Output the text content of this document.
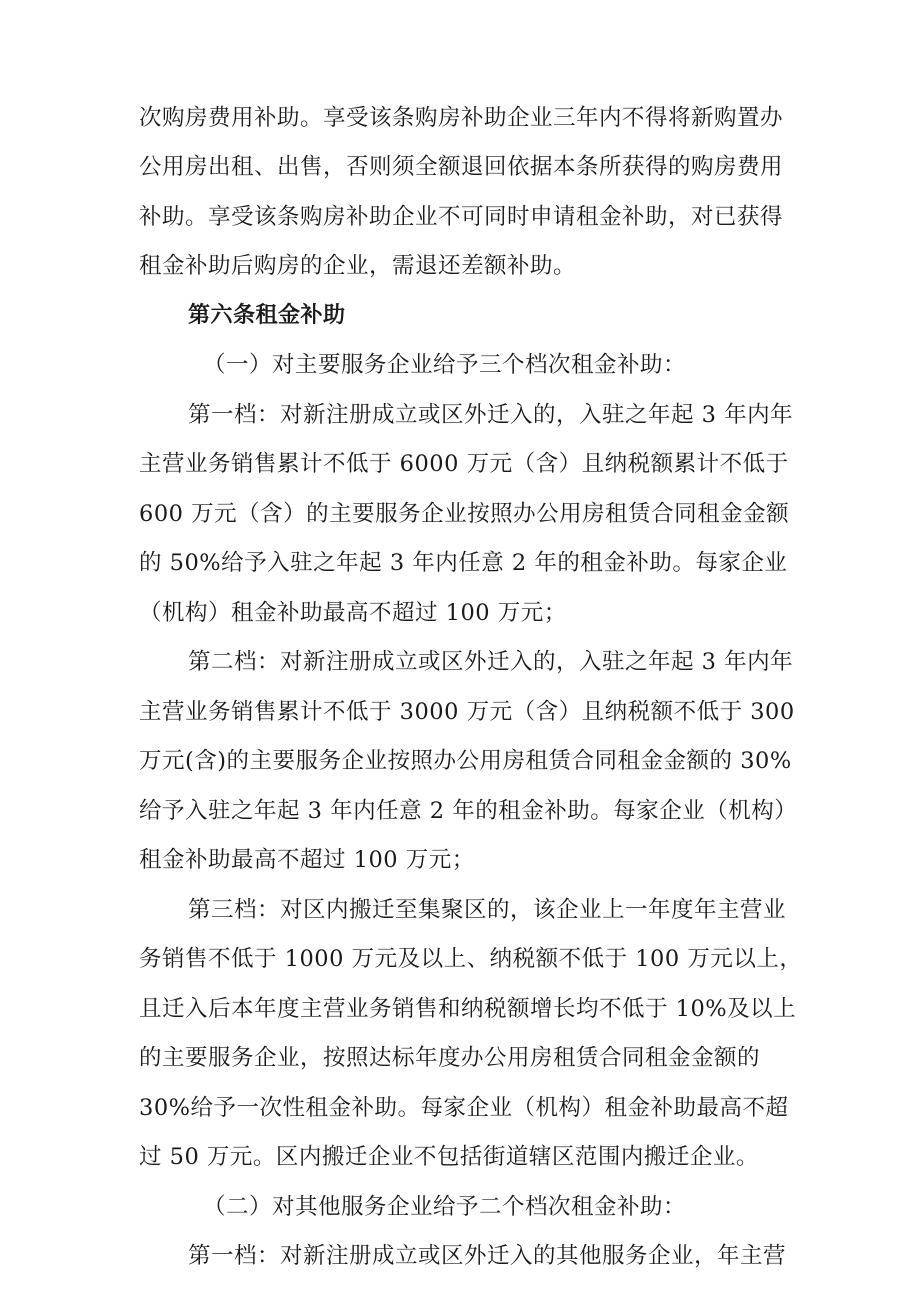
次购房费用补助。享受该条购房补助企业三年内不得将新购置办
公用房出租、出售，否则须全额退回依据本条所获得的购房费用
补助。享受该条购房补助企业不可同时申请租金补助，对已获得
租金补助后购房的企业，需退还差额补助。
第六条租金补助
（一）对主要服务企业给予三个档次租金补助：
第一档：对新注册成立或区外迁入的，入驻之年起 3 年内年
主营业务销售累计不低于 6000 万元（含）且纳税额累计不低于
600 万元（含）的主要服务企业按照办公用房租赁合同租金金额
的 50%给予入驻之年起 3 年内任意 2 年的租金补助。每家企业
（机构）租金补助最高不超过 100 万元；
第二档：对新注册成立或区外迁入的，入驻之年起 3 年内年
主营业务销售累计不低于 3000 万元（含）且纳税额不低于 300
万元(含)的主要服务企业按照办公用房租赁合同租金金额的 30%
给予入驻之年起 3 年内任意 2 年的租金补助。每家企业（机构）
租金补助最高不超过 100 万元；
第三档：对区内搬迁至集聚区的，该企业上一年度年主营业
务销售不低于 1000 万元及以上、纳税额不低于 100 万元以上，
且迁入后本年度主营业务销售和纳税额增长均不低于 10%及以上
的主要服务企业，按照达标年度办公用房租赁合同租金金额的
30%给予一次性租金补助。每家企业（机构）租金补助最高不超
过 50 万元。区内搬迁企业不包括街道辖区范围内搬迁企业。
（二）对其他服务企业给予二个档次租金补助：
第一档：对新注册成立或区外迁入的其他服务企业，年主营
